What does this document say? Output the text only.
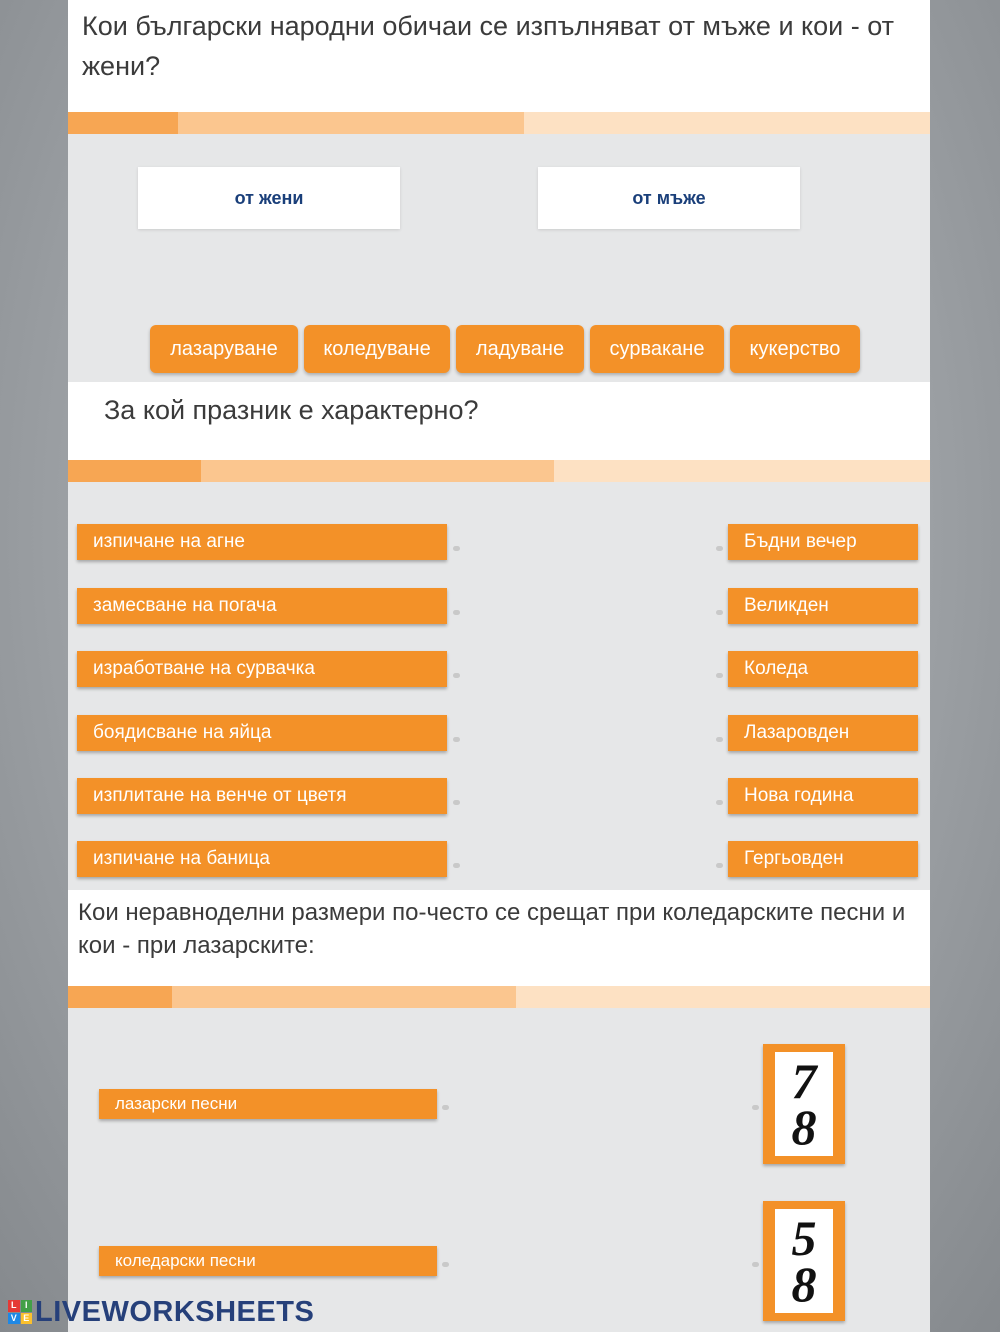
Кои български народни обичаи се изпълняват от мъже и кои - от жени?
от жени	от мъже
лазаруване	коледуване	ладуване	сурвакане	кукерство
За кой празник е характерно?
изпичане на агне
замесване на погача
изработване на сурвачка
боядисване на яйца
изплитане на венче от цветя
изпичане на баница
Бъдни вечер
Великден
Коледа
Лазаровден
Нова година
Гергьовден
Кои неравноделни размери по-често се срещат при коледарските песни и кои - при лазарските:
лазарски песни
коледарски песни
7
8
5
8
L I
V E LIVEWORKSHEETS
